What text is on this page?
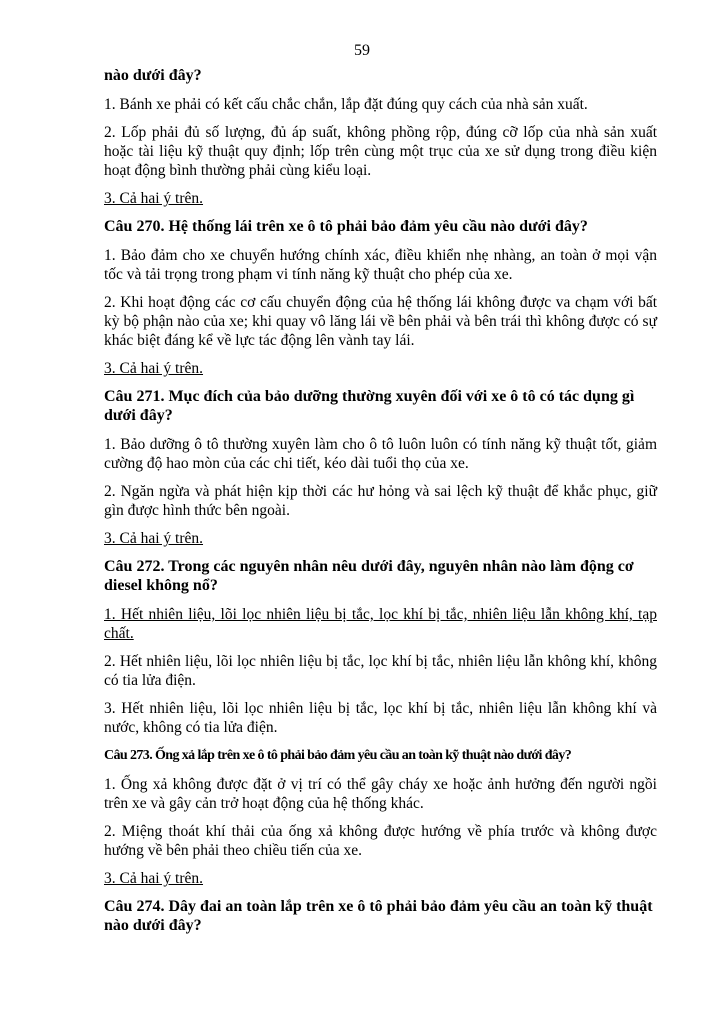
59
nào dưới đây?
1. Bánh xe phải có kết cấu chắc chắn, lắp đặt đúng quy cách của nhà sản xuất.
2. Lốp phải đủ số lượng, đủ áp suất, không phồng rộp, đúng cỡ lốp của nhà sản xuất hoặc tài liệu kỹ thuật quy định; lốp trên cùng một trục của xe sử dụng trong điều kiện hoạt động bình thường phải cùng kiểu loại.
3. Cả hai ý trên.
Câu 270. Hệ thống lái trên xe ô tô phải bảo đảm yêu cầu nào dưới đây?
1. Bảo đảm cho xe chuyển hướng chính xác, điều khiển nhẹ nhàng, an toàn ở mọi vận tốc và tải trọng trong phạm vi tính năng kỹ thuật cho phép của xe.
2. Khi hoạt động các cơ cấu chuyển động của hệ thống lái không được va chạm với bất kỳ bộ phận nào của xe; khi quay vô lăng lái về bên phải và bên trái thì không được có sự khác biệt đáng kể về lực tác động lên vành tay lái.
3. Cả hai ý trên.
Câu 271. Mục đích của bảo dưỡng thường xuyên đối với xe ô tô có tác dụng gì dưới đây?
1. Bảo dưỡng ô tô thường xuyên làm cho ô tô luôn luôn có tính năng kỹ thuật tốt, giảm cường độ hao mòn của các chi tiết, kéo dài tuổi thọ của xe.
2. Ngăn ngừa và phát hiện kịp thời các hư hỏng và sai lệch kỹ thuật để khắc phục, giữ gìn được hình thức bên ngoài.
3. Cả hai ý trên.
Câu 272. Trong các nguyên nhân nêu dưới đây, nguyên nhân nào làm động cơ diesel không nổ?
1. Hết nhiên liệu, lõi lọc nhiên liệu bị tắc, lọc khí bị tắc, nhiên liệu lẫn không khí, tạp chất.
2. Hết nhiên liệu, lõi lọc nhiên liệu bị tắc, lọc khí bị tắc, nhiên liệu lẫn không khí, không có tia lửa điện.
3. Hết nhiên liệu, lõi lọc nhiên liệu bị tắc, lọc khí bị tắc, nhiên liệu lẫn không khí và nước, không có tia lửa điện.
Câu 273. Ống xả lắp trên xe ô tô phải bảo đảm yêu cầu an toàn kỹ thuật nào dưới đây?
1. Ống xả không được đặt ở vị trí có thể gây cháy xe hoặc ảnh hưởng đến người ngồi trên xe và gây cản trở hoạt động của hệ thống khác.
2. Miệng thoát khí thải của ống xả không được hướng về phía trước và không được hướng về bên phải theo chiều tiến của xe.
3. Cả hai ý trên.
Câu 274. Dây đai an toàn lắp trên xe ô tô phải bảo đảm yêu cầu an toàn kỹ thuật nào dưới đây?
